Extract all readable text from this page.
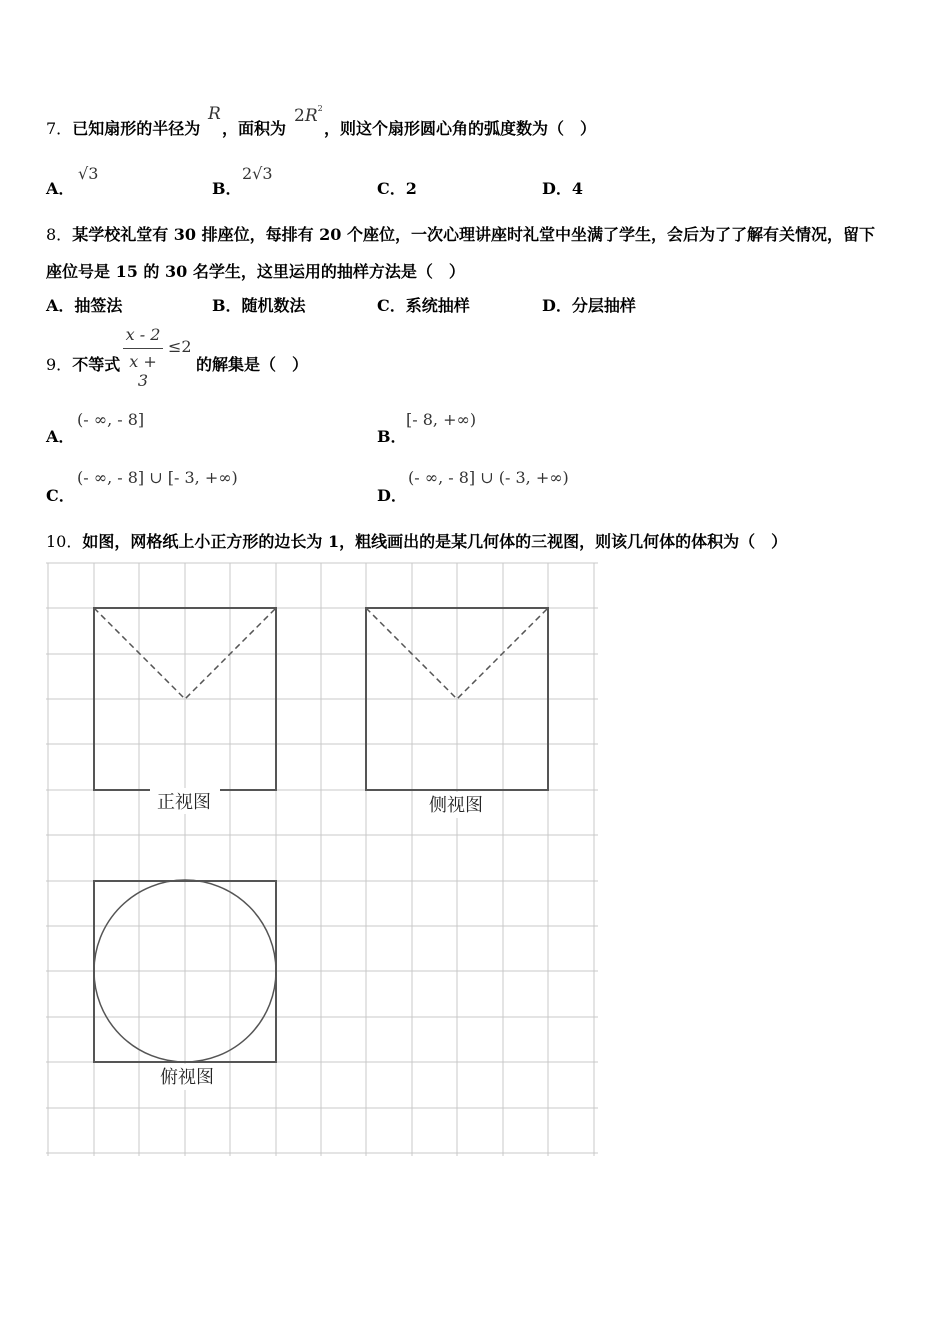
7．已知扇形的半径为
R
，面积为
$2R^2$
，则这个扇形圆心角的弧度数为（　）
A．
√3
B．
2√3
C．2	D．4
8．某学校礼堂有 30 排座位，每排有 20 个座位，一次心理讲座时礼堂中坐满了学生，会后为了了解有关情况，留下
座位号是 15 的 30 名学生，这里运用的抽样方法是（　）
A．抽签法	B．随机数法	C．系统抽样	D．分层抽样
9．不等式
x - 2
x + 3
≤2
的解集是（　）
A．
(- ∞, - 8]
B．
[- 8, +∞)
C．
(- ∞, - 8] ∪ [- 3, +∞)
D．
(- ∞, - 8] ∪ (- 3, +∞)
10．如图，网格纸上小正方形的边长为 1，粗线画出的是某几何体的三视图，则该几何体的体积为（　）
正视图	侧视图
俯视图
